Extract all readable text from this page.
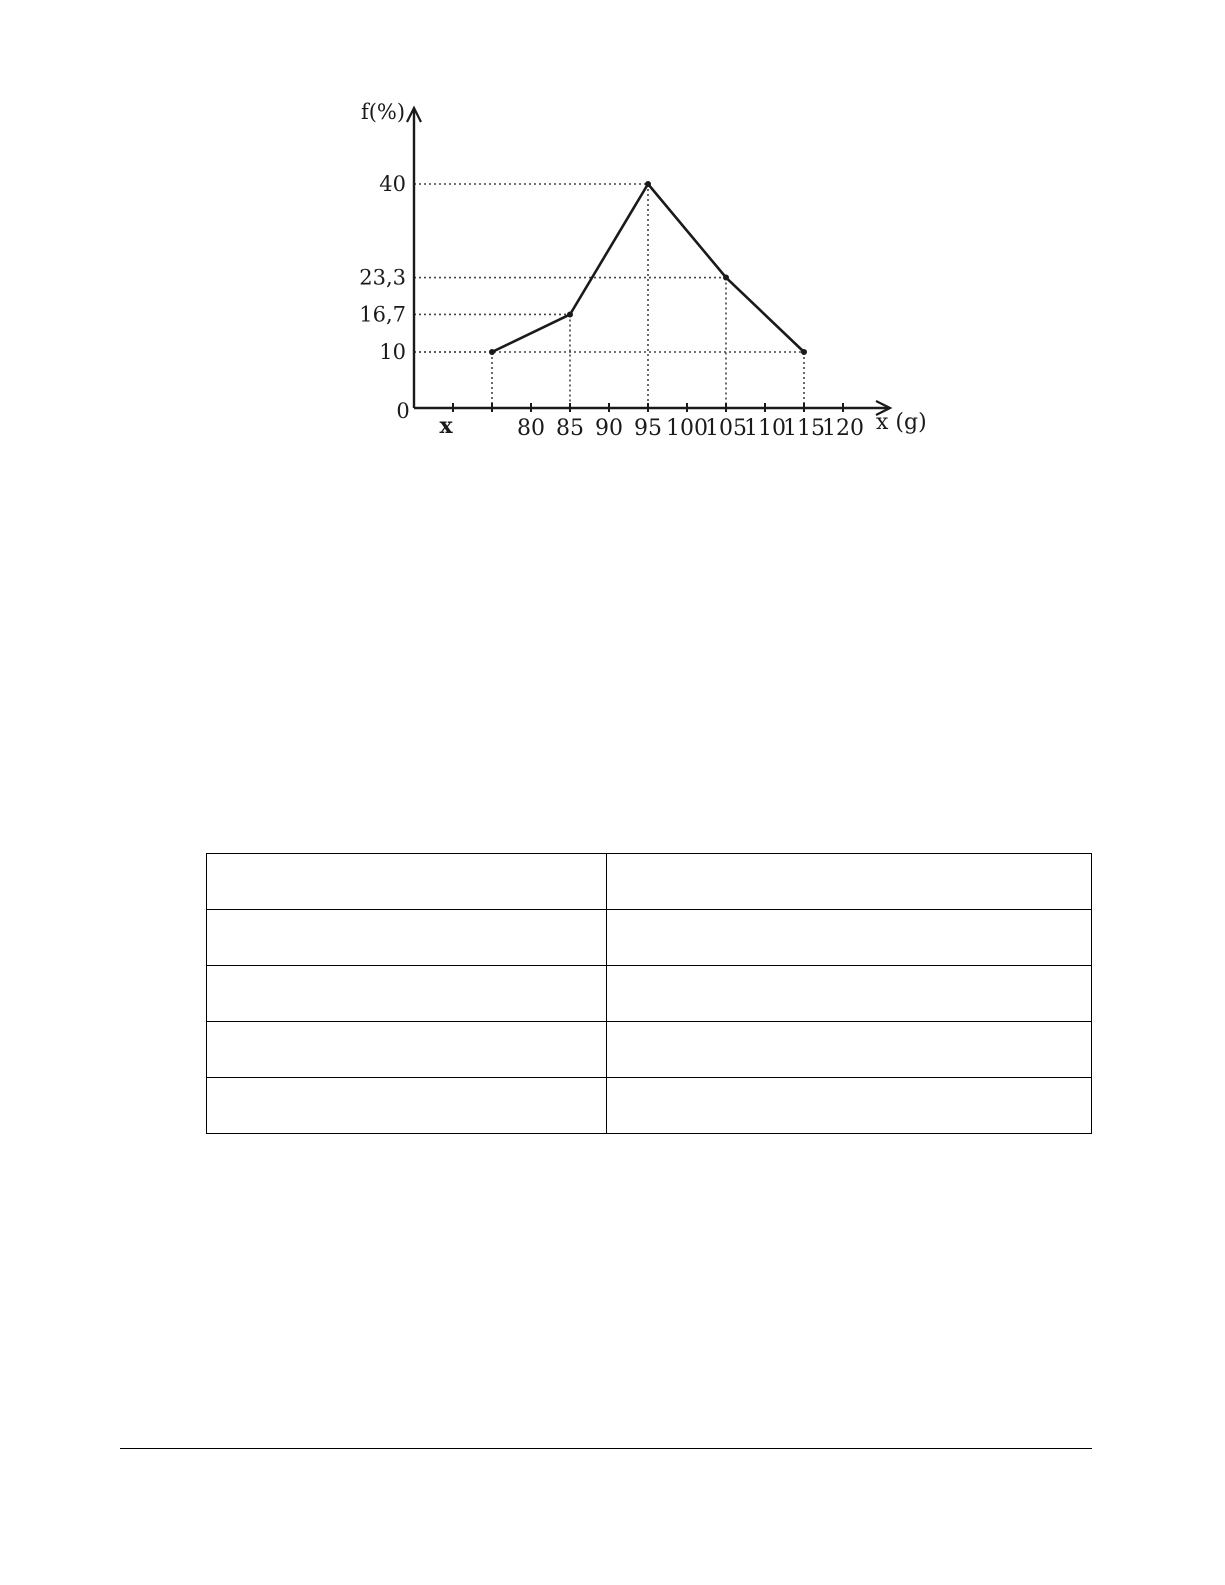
80 85 90 95 100
105
110
115
120
10
16,7
23,3
40
0
x	x (g)
f(%)
